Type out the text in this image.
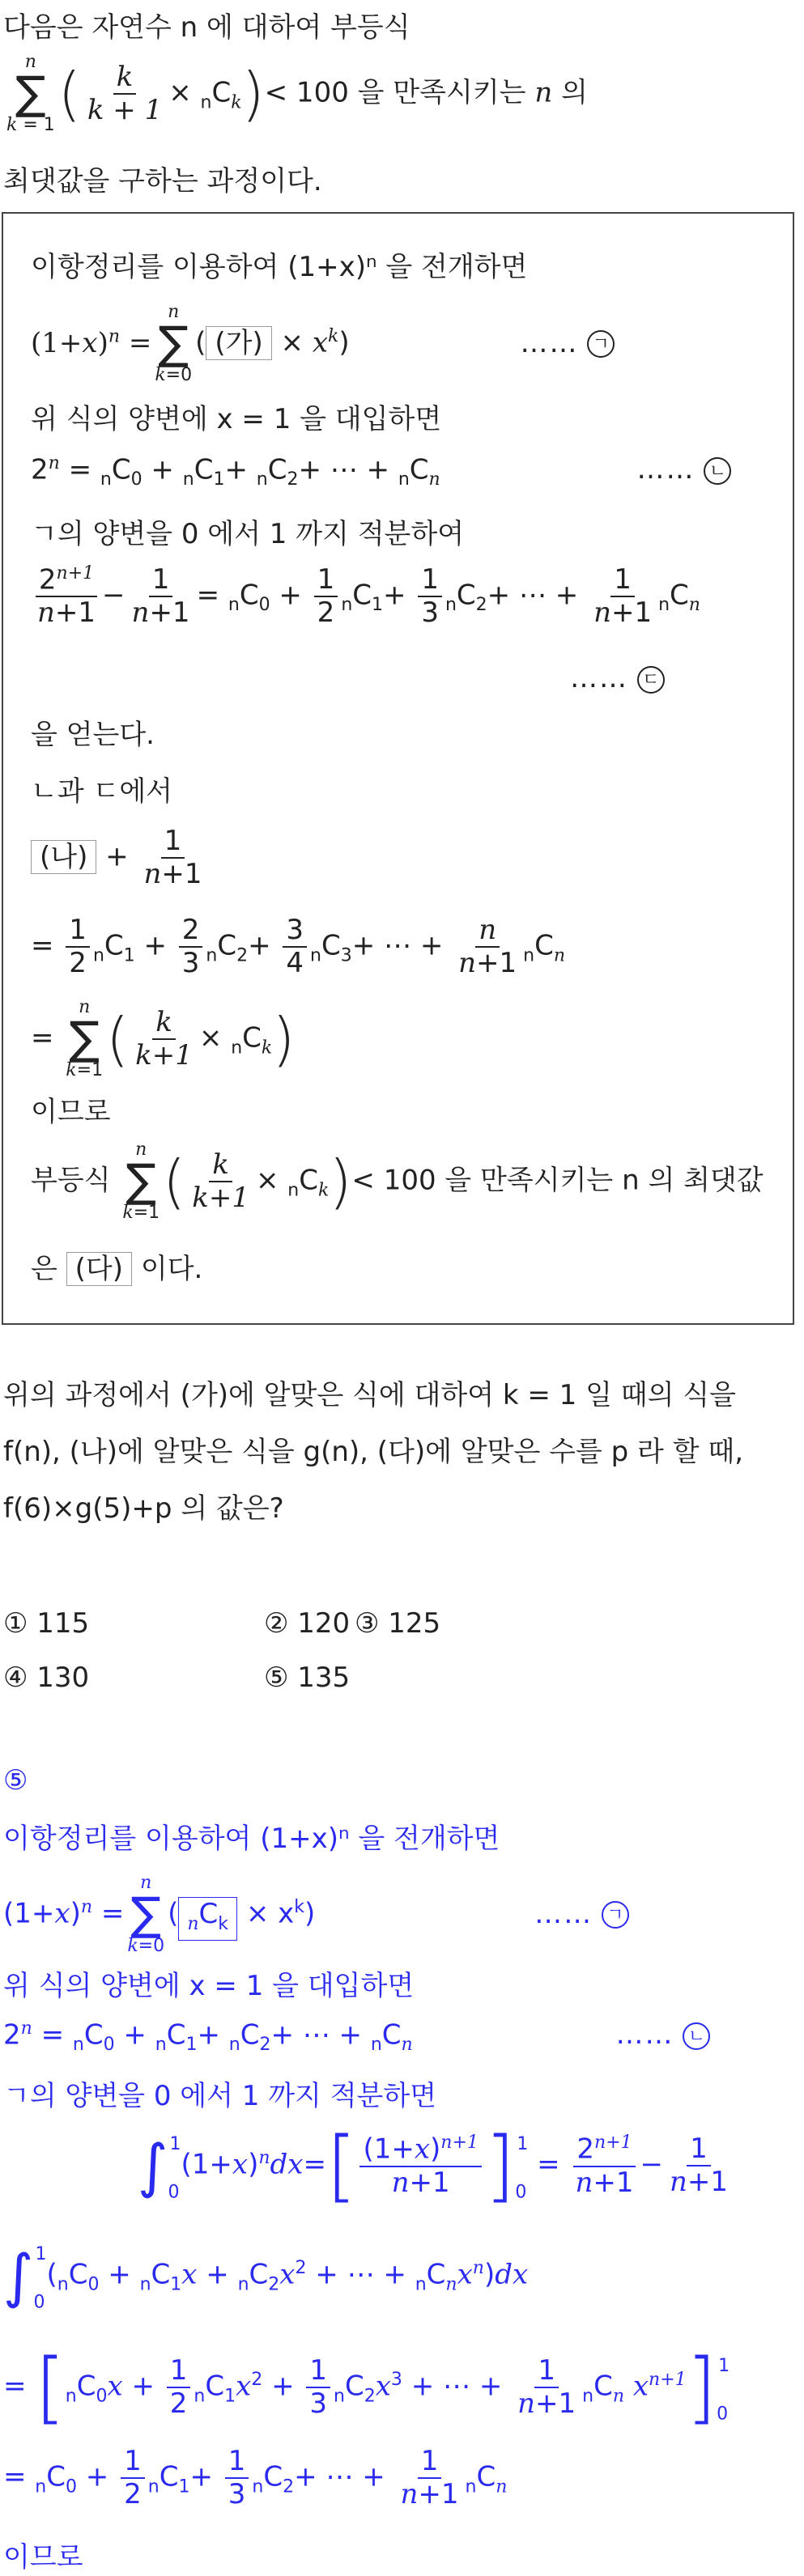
다음은 자연수 n 에 대하여 부등식
n
∑
k = 1 ( $\frac{k}{k + 1} \times _nC_k)< 100$ 을 만족시키는 n 의
최댓값을 구하는 과정이다.
이항정리를 이용하여 (1+x)ⁿ 을 전개하면
$(1+x)^n$ =
n
∑
k=0
( (가) × $x^k$)	…… ㄱ
위 식의 양변에 x = 1 을 대입하면
$2^n = _nC_0 + _nC_1+ _nC_2+$ ⋯ + $_nC_n$	…… ㄴ
ㄱ의 양변을 0 에서 1 까지 적분하여
$\frac{2^{n+1}}{n+1} - \frac{1}{n+1} = _nC_0 + \frac{1}{2} _nC_1+ \frac{1}{3} _nC_2+$ ⋯ + $\frac{1}{n+1} _nC_n$
…… ㄷ
을 얻는다.
ㄴ과 ㄷ에서
(나) + $\frac{1}{n+1}$
= $\frac{1}{2} _nC_1 + \frac{2}{3} _nC_2+ \frac{3}{4} _nC_3+$ ⋯ + $\frac{n}{n+1} _nC_n$
=
n
∑
k=1 ( $\frac{k}{k+1} \times _nC_k$)
이므로
부등식
n
∑
k=1 ( $\frac{k}{k+1} \times _nC_k)< 100$ 을 만족시키는 n 의 최댓값
은 (다) 이다.
위의 과정에서 (가)에 알맞은 식에 대하여 k = 1 일 때의 식을
f(n), (나)에 알맞은 식을 g(n), (다)에 알맞은 수를 p 라 할 때,
f(6)×g(5)+p 의 값은?
① 115	② 120 ③ 125
④ 130	⑤ 135
⑤
이항정리를 이용하여 (1+x)ⁿ 을 전개하면
$(1+x)^n$ =
n
∑
k=0
( $_nC_k \times x^k$)	…… ㄱ
위 식의 양변에 x = 1 을 대입하면
$2^n = _nC_0 + _nC_1+ _nC_2+$ ⋯ + $_nC_n$	…… ㄴ
ㄱ의 양변을 0 에서 1 까지 적분하면
$\int_0^1(1+x)^ndx=[ \frac{(1+x)^{n+1}}{n+1} ]_0^1 = \frac{2^{n+1}}{n+1} - \frac{1}{n+1}$
$\int_0^1(_nC_0 + _nC_1x + _nC_2x^2$ + ⋯ + $_nC_nx^n)dx$
= [$_nC_0x + \frac{1}{2} _nC_1x^2 + \frac{1}{3} _nC_2x^3$ + ⋯ + $\frac{1}{n+1} _nC_n$ $x^{n+1}]_0^1$
= $_nC_0 + \frac{1}{2} _nC_1+ \frac{1}{3} _nC_2+$ ⋯ + $\frac{1}{n+1} _nC_n$
이므로
